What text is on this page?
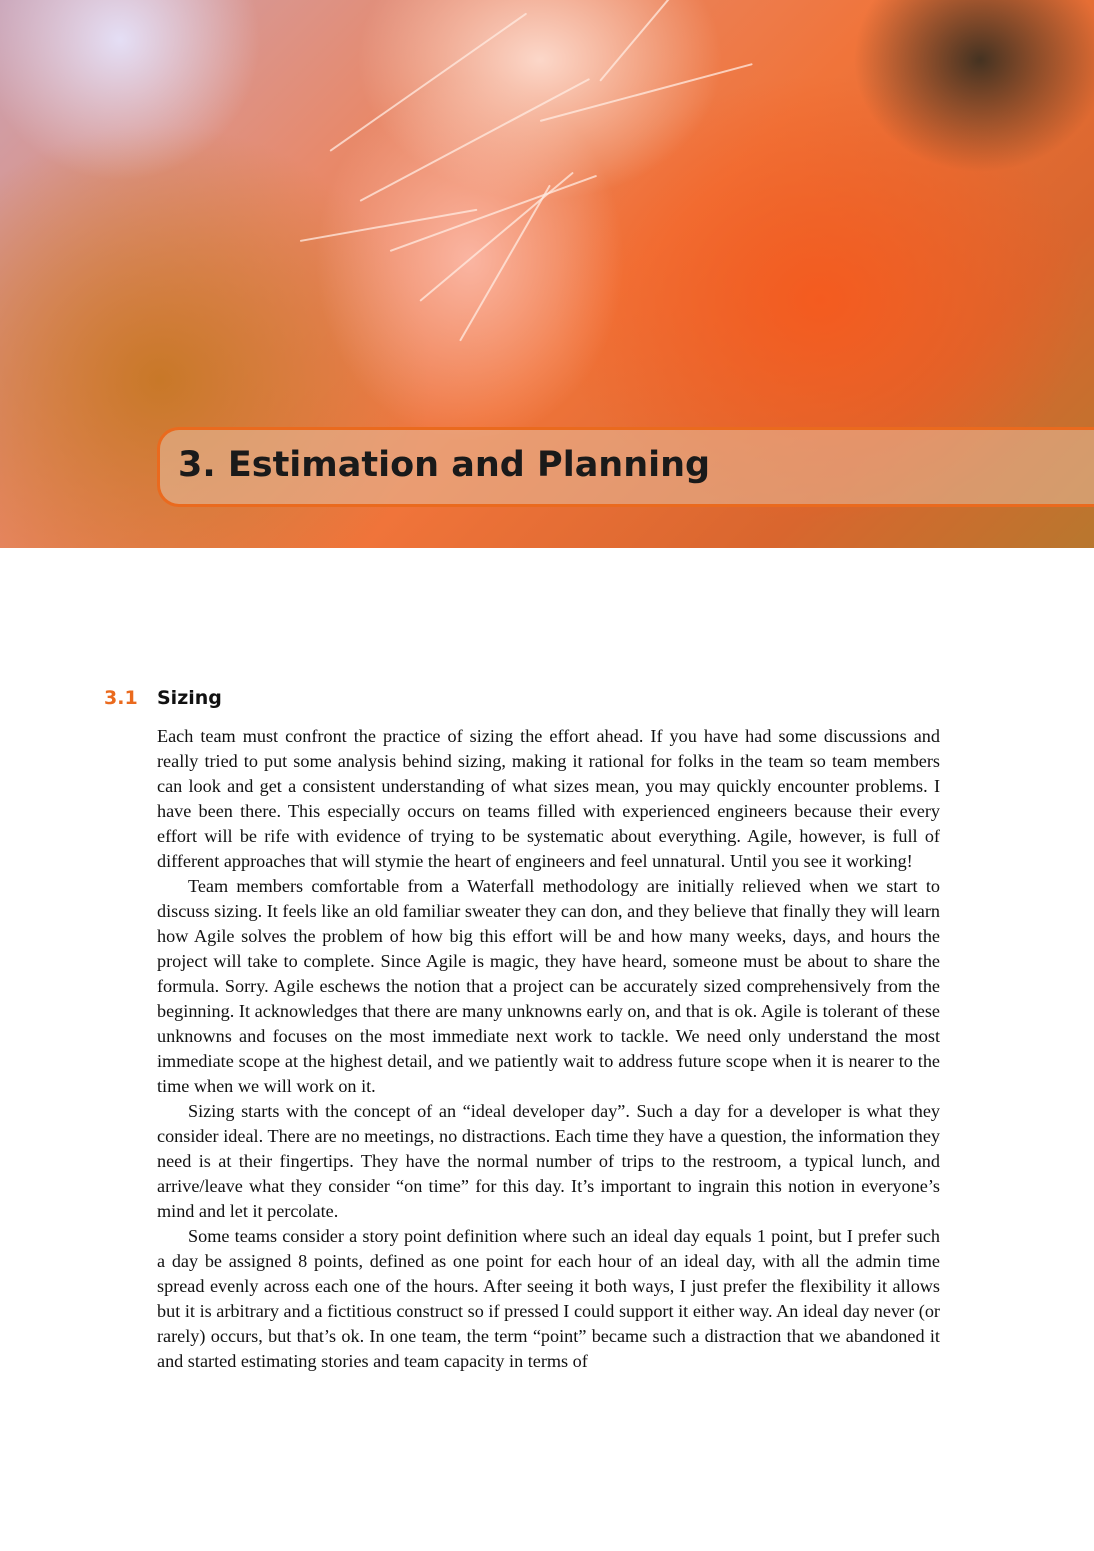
3. Estimation and Planning
3.1 Sizing

Each team must confront the practice of sizing the effort ahead. If you have had some discussions and really tried to put some analysis behind sizing, making it rational for folks in the team so team members can look and get a consistent understanding of what sizes mean, you may quickly encounter problems. I have been there. This especially occurs on teams filled with experienced engineers because their every effort will be rife with evidence of trying to be systematic about everything. Agile, however, is full of different approaches that will stymie the heart of engineers and feel unnatural. Until you see it working!

Team members comfortable from a Waterfall methodology are initially relieved when we start to discuss sizing. It feels like an old familiar sweater they can don, and they believe that finally they will learn how Agile solves the problem of how big this effort will be and how many weeks, days, and hours the project will take to complete. Since Agile is magic, they have heard, someone must be about to share the formula. Sorry. Agile eschews the notion that a project can be accurately sized comprehensively from the beginning. It acknowledges that there are many unknowns early on, and that is ok. Agile is tolerant of these unknowns and focuses on the most immediate next work to tackle. We need only understand the most immediate scope at the highest detail, and we patiently wait to address future scope when it is nearer to the time when we will work on it.

Sizing starts with the concept of an “ideal developer day”. Such a day for a developer is what they consider ideal. There are no meetings, no distractions. Each time they have a question, the information they need is at their fingertips. They have the normal number of trips to the restroom, a typical lunch, and arrive/leave what they consider “on time” for this day. It’s important to ingrain this notion in everyone’s mind and let it percolate.

Some teams consider a story point definition where such an ideal day equals 1 point, but I prefer such a day be assigned 8 points, defined as one point for each hour of an ideal day, with all the admin time spread evenly across each one of the hours. After seeing it both ways, I just prefer the flexibility it allows but it is arbitrary and a fictitious construct so if pressed I could support it either way. An ideal day never (or rarely) occurs, but that’s ok. In one team, the term “point” became such a distraction that we abandoned it and started estimating stories and team capacity in terms of
